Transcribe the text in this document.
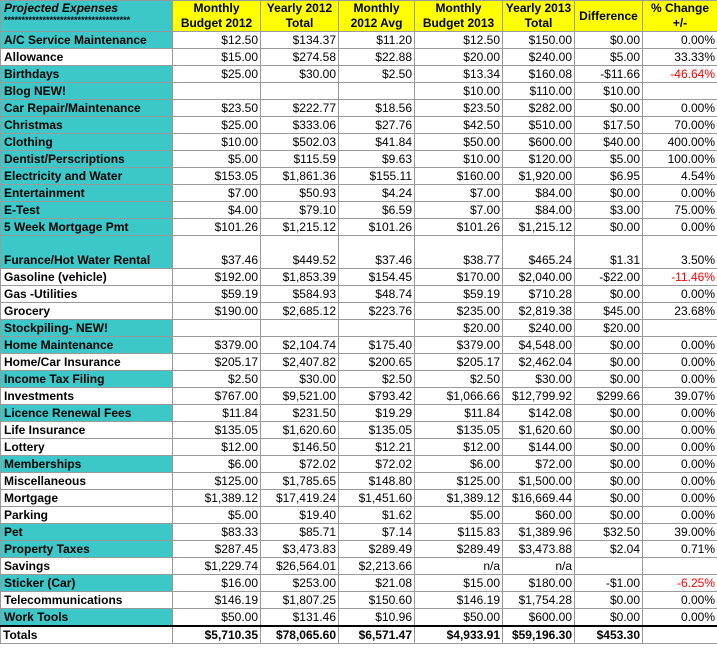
Projected Expenses
************************************	Monthly Budget 2012	Yearly 2012 Total	Monthly 2012 Avg	Monthly Budget 2013	Yearly 2013 Total	Difference	% Change +/-
A/C Service Maintenance	$12.50	$134.37	$11.20	$12.50	$150.00	$0.00	0.00%
Allowance	$15.00	$274.58	$22.88	$20.00	$240.00	$5.00	33.33%
Birthdays	$25.00	$30.00	$2.50	$13.34	$160.08	-$11.66	-46.64%
Blog NEW!				$10.00	$110.00	$10.00	
Car Repair/Maintenance	$23.50	$222.77	$18.56	$23.50	$282.00	$0.00	0.00%
Christmas	$25.00	$333.06	$27.76	$42.50	$510.00	$17.50	70.00%
Clothing	$10.00	$502.03	$41.84	$50.00	$600.00	$40.00	400.00%
Dentist/Perscriptions	$5.00	$115.59	$9.63	$10.00	$120.00	$5.00	100.00%
Electricity and Water	$153.05	$1,861.36	$155.11	$160.00	$1,920.00	$6.95	4.54%
Entertainment	$7.00	$50.93	$4.24	$7.00	$84.00	$0.00	0.00%
E-Test	$4.00	$79.10	$6.59	$7.00	$84.00	$3.00	75.00%
5 Week Mortgage Pmt	$101.26	$1,215.12	$101.26	$101.26	$1,215.12	$0.00	0.00%
Furance/Hot Water Rental	$37.46	$449.52	$37.46	$38.77	$465.24	$1.31	3.50%
Gasoline (vehicle)	$192.00	$1,853.39	$154.45	$170.00	$2,040.00	-$22.00	-11.46%
Gas -Utilities	$59.19	$584.93	$48.74	$59.19	$710.28	$0.00	0.00%
Grocery	$190.00	$2,685.12	$223.76	$235.00	$2,819.38	$45.00	23.68%
Stockpiling- NEW!				$20.00	$240.00	$20.00	
Home Maintenance	$379.00	$2,104.74	$175.40	$379.00	$4,548.00	$0.00	0.00%
Home/Car Insurance	$205.17	$2,407.82	$200.65	$205.17	$2,462.04	$0.00	0.00%
Income Tax Filing	$2.50	$30.00	$2.50	$2.50	$30.00	$0.00	0.00%
Investments	$767.00	$9,521.00	$793.42	$1,066.66	$12,799.92	$299.66	39.07%
Licence Renewal Fees	$11.84	$231.50	$19.29	$11.84	$142.08	$0.00	0.00%
Life Insurance	$135.05	$1,620.60	$135.05	$135.05	$1,620.60	$0.00	0.00%
Lottery	$12.00	$146.50	$12.21	$12.00	$144.00	$0.00	0.00%
Memberships	$6.00	$72.02	$72.02	$6.00	$72.00	$0.00	0.00%
Miscellaneous	$125.00	$1,785.65	$148.80	$125.00	$1,500.00	$0.00	0.00%
Mortgage	$1,389.12	$17,419.24	$1,451.60	$1,389.12	$16,669.44	$0.00	0.00%
Parking	$5.00	$19.40	$1.62	$5.00	$60.00	$0.00	0.00%
Pet	$83.33	$85.71	$7.14	$115.83	$1,389.96	$32.50	39.00%
Property Taxes	$287.45	$3,473.83	$289.49	$289.49	$3,473.88	$2.04	0.71%
Savings	$1,229.74	$26,564.01	$2,213.66	n/a	n/a		
Sticker (Car)	$16.00	$253.00	$21.08	$15.00	$180.00	-$1.00	-6.25%
Telecommunications	$146.19	$1,807.25	$150.60	$146.19	$1,754.28	$0.00	0.00%
Work Tools	$50.00	$131.46	$10.96	$50.00	$600.00	$0.00	0.00%
Totals	$5,710.35	$78,065.60	$6,571.47	$4,933.91	$59,196.30	$453.30	
